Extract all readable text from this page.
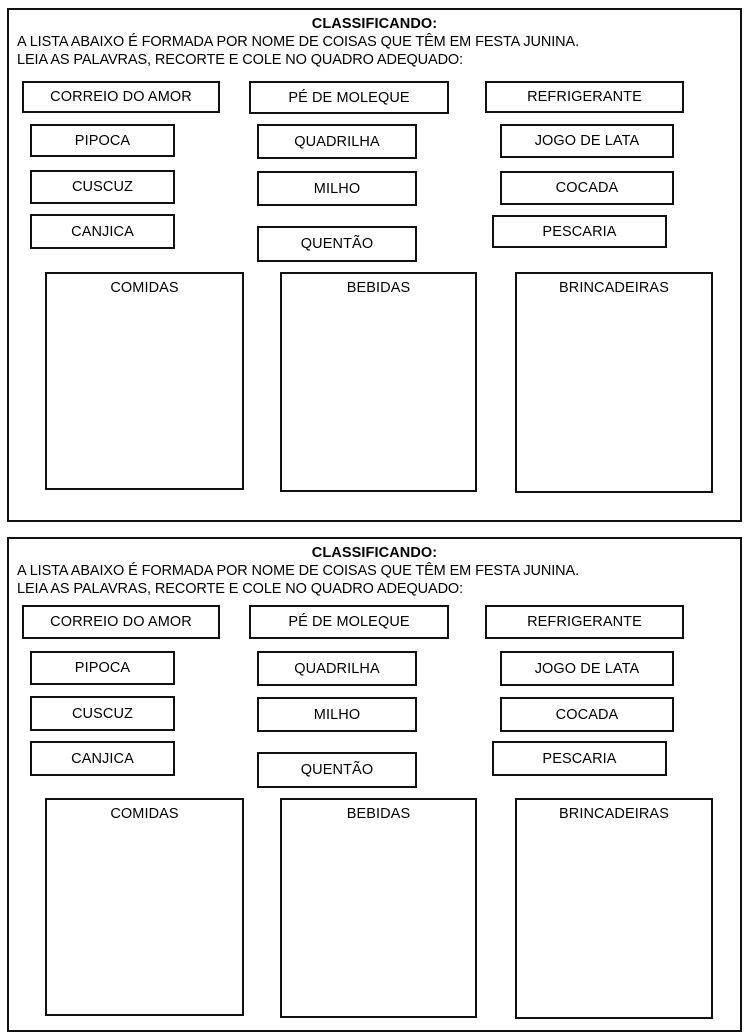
CLASSIFICANDO:
A LISTA ABAIXO É FORMADA POR NOME DE COISAS QUE TÊM EM FESTA JUNINA.
LEIA AS PALAVRAS, RECORTE E COLE NO QUADRO ADEQUADO:
CORREIO DO AMOR
PIPOCA
CUSCUZ
CANJICA
PÉ DE MOLEQUE
QUADRILHA
MILHO
QUENTÃO
REFRIGERANTE
JOGO DE LATA
COCADA
PESCARIA
COMIDAS	BEBIDAS	BRINCADEIRAS
CLASSIFICANDO:
A LISTA ABAIXO É FORMADA POR NOME DE COISAS QUE TÊM EM FESTA JUNINA.
LEIA AS PALAVRAS, RECORTE E COLE NO QUADRO ADEQUADO:
CORREIO DO AMOR
PIPOCA
CUSCUZ
CANJICA
PÉ DE MOLEQUE
QUADRILHA
MILHO
QUENTÃO
REFRIGERANTE
JOGO DE LATA
COCADA
PESCARIA
COMIDAS	BEBIDAS	BRINCADEIRAS
